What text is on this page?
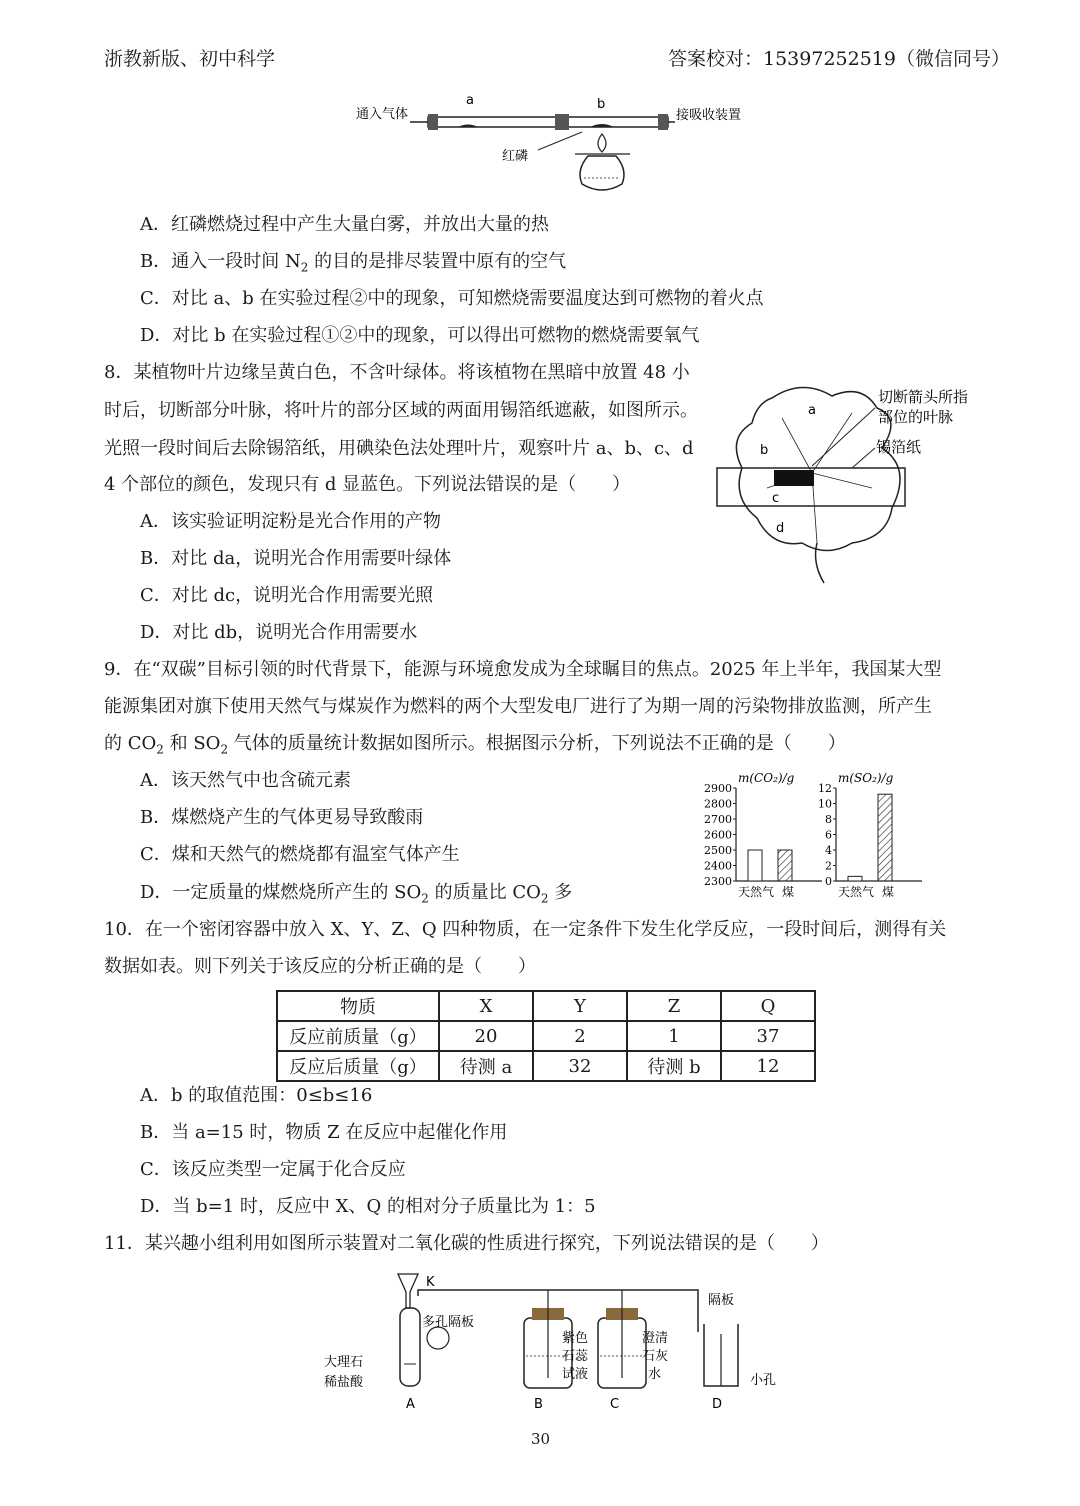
浙教新版、初中科学	答案校对：15397252519（微信同号）
通入气体
a	b
接吸收装置
红磷
A．红磷燃烧过程中产生大量白雾，并放出大量的热
B．通入一段时间 $N_2$ 的目的是排尽装置中原有的空气
C．对比 a、b 在实验过程②中的现象，可知燃烧需要温度达到可燃物的着火点
D．对比 b 在实验过程①②中的现象，可以得出可燃物的燃烧需要氧气
8．某植物叶片边缘呈黄白色，不含叶绿体。将该植物在黑暗中放置 48 小
时后，切断部分叶脉，将叶片的部分区域的两面用锡箔纸遮蔽，如图所示。
光照一段时间后去除锡箔纸，用碘染色法处理叶片，观察叶片 a、b、c、d
4 个部位的颜色，发现只有 d 显蓝色。下列说法错误的是（　　）
A．该实验证明淀粉是光合作用的产物
B．对比 da，说明光合作用需要叶绿体
C．对比 dc，说明光合作用需要光照
D．对比 db，说明光合作用需要水
a
b
c
d
切断箭头所指
部位的叶脉
锡箔纸
9．在“双碳”目标引领的时代背景下，能源与环境愈发成为全球瞩目的焦点。2025 年上半年，我国某大型
能源集团对旗下使用天然气与煤炭作为燃料的两个大型发电厂进行了为期一周的污染物排放监测，所产生
的 $CO_2$ 和 $SO_2$ 气体的质量统计数据如图所示。根据图示分析，下列说法不正确的是（　　）
A．该天然气中也含硫元素
B．煤燃烧产生的气体更易导致酸雨
C．煤和天然气的燃烧都有温室气体产生
D．一定质量的煤燃烧所产生的 $SO_2$ 的质量比 $CO_2$ 多
m(CO₂)/g
2300
2400
2500
2600
2700
2800
2900
天然气 煤
m(SO₂)/g
0
2
4
6
8
10
12
天然气 煤
10．在一个密闭容器中放入 X、Y、Z、Q 四种物质，在一定条件下发生化学反应，一段时间后，测得有关
数据如表。则下列关于该反应的分析正确的是（　　）
物质	X	Y	Z	Q
反应前质量（g）	20	2	1	37
反应后质量（g）	待测 a	32	待测 b	12
A．b 的取值范围：0≤b≤16
B．当 a=15 时，物质 Z 在反应中起催化作用
C．该反应类型一定属于化合反应
D．当 b=1 时，反应中 X、Q 的相对分子质量比为 1：5
11．某兴趣小组利用如图所示装置对二氧化碳的性质进行探究，下列说法错误的是（　　）
K
多孔隔板
大理石
稀盐酸
A
紫色
石蕊
试液
B
澄清
石灰
水
C
隔板
小孔
D
30
